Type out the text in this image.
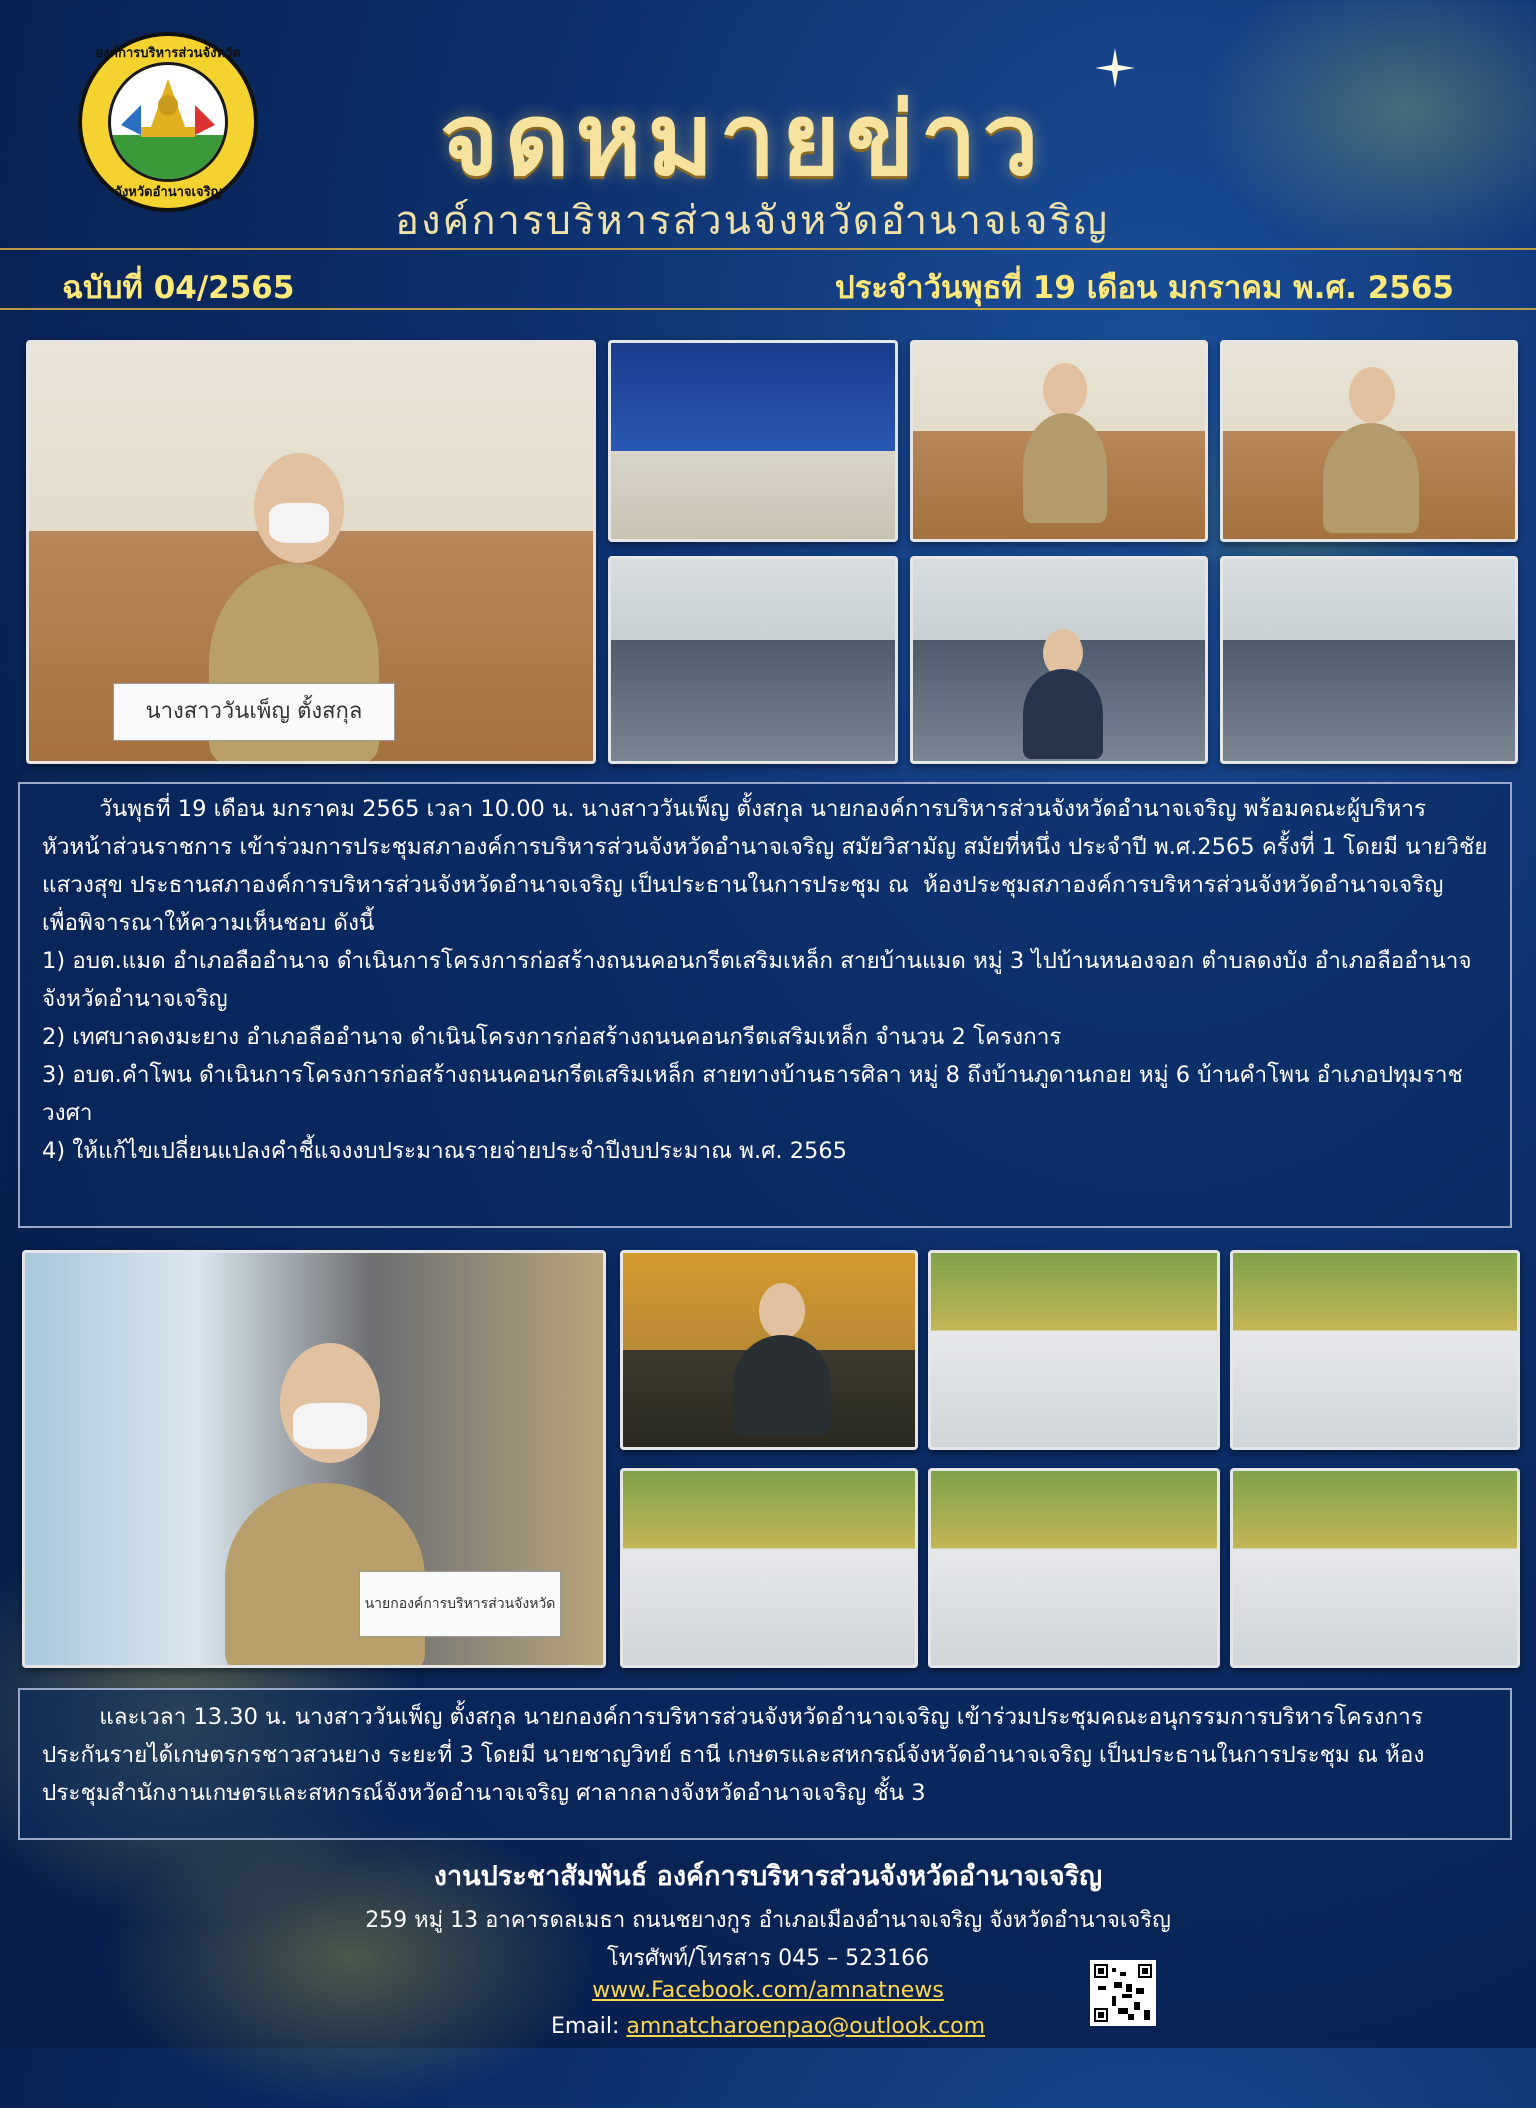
องค์การบริหารส่วนจังหวัด
จังหวัดอำนาจเจริญ	จดหมายข่าว
องค์การบริหารส่วนจังหวัดอำนาจเจริญ
ฉบับที่ 04/2565	ประจำวันพุธที่ 19 เดือน มกราคม พ.ศ. 2565
นางสาววันเพ็ญ ตั้งสกุล

วันพุธที่ 19 เดือน มกราคม 2565 เวลา 10.00 น. นางสาววันเพ็ญ ตั้งสกุล นายกองค์การบริหารส่วนจังหวัดอำนาจเจริญ พร้อมคณะผู้บริหาร หัวหน้าส่วนราชการ เข้าร่วมการประชุมสภาองค์การบริหารส่วนจังหวัดอำนาจเจริญ สมัยวิสามัญ สมัยที่หนึ่ง ประจำปี พ.ศ.2565 ครั้งที่ 1 โดยมี นายวิชัย แสวงสุข ประธานสภาองค์การบริหารส่วนจังหวัดอำนาจเจริญ เป็นประธานในการประชุม ณ  ห้องประชุมสภาองค์การบริหารส่วนจังหวัดอำนาจเจริญ

เพื่อพิจารณาให้ความเห็นชอบ ดังนี้

1) อบต.แมด อำเภอลืออำนาจ ดำเนินการโครงการก่อสร้างถนนคอนกรีตเสริมเหล็ก สายบ้านแมด หมู่ 3 ไปบ้านหนองจอก ตำบลดงบัง อำเภอลืออำนาจ จังหวัดอำนาจเจริญ

2) เทศบาลดงมะยาง อำเภอลืออำนาจ ดำเนินโครงการก่อสร้างถนนคอนกรีตเสริมเหล็ก จำนวน 2 โครงการ

3) อบต.คำโพน ดำเนินการโครงการก่อสร้างถนนคอนกรีตเสริมเหล็ก สายทางบ้านธารศิลา หมู่ 8 ถึงบ้านภูดานกอย หมู่ 6 บ้านคำโพน อำเภอปทุมราชวงศา

4) ให้แก้ไขเปลี่ยนแปลงคำชี้แจงงบประมาณรายจ่ายประจำปีงบประมาณ พ.ศ. 2565

นายกองค์การบริหารส่วนจังหวัด

และเวลา 13.30 น. นางสาววันเพ็ญ ตั้งสกุล นายกองค์การบริหารส่วนจังหวัดอำนาจเจริญ เข้าร่วมประชุมคณะอนุกรรมการบริหารโครงการประกันรายได้เกษตรกรชาวสวนยาง ระยะที่ 3 โดยมี นายชาญวิทย์ ธานี เกษตรและสหกรณ์จังหวัดอำนาจเจริญ เป็นประธานในการประชุม ณ ห้องประชุมสำนักงานเกษตรและสหกรณ์จังหวัดอำนาจเจริญ ศาลากลางจังหวัดอำนาจเจริญ ชั้น 3

งานประชาสัมพันธ์ องค์การบริหารส่วนจังหวัดอำนาจเจริญ
259 หมู่ 13 อาคารดลเมธา ถนนชยางกูร อำเภอเมืองอำนาจเจริญ จังหวัดอำนาจเจริญ
โทรศัพท์/โทรสาร 045 – 523166
www.Facebook.com/amnatnews
Email: amnatcharoenpao@outlook.com
